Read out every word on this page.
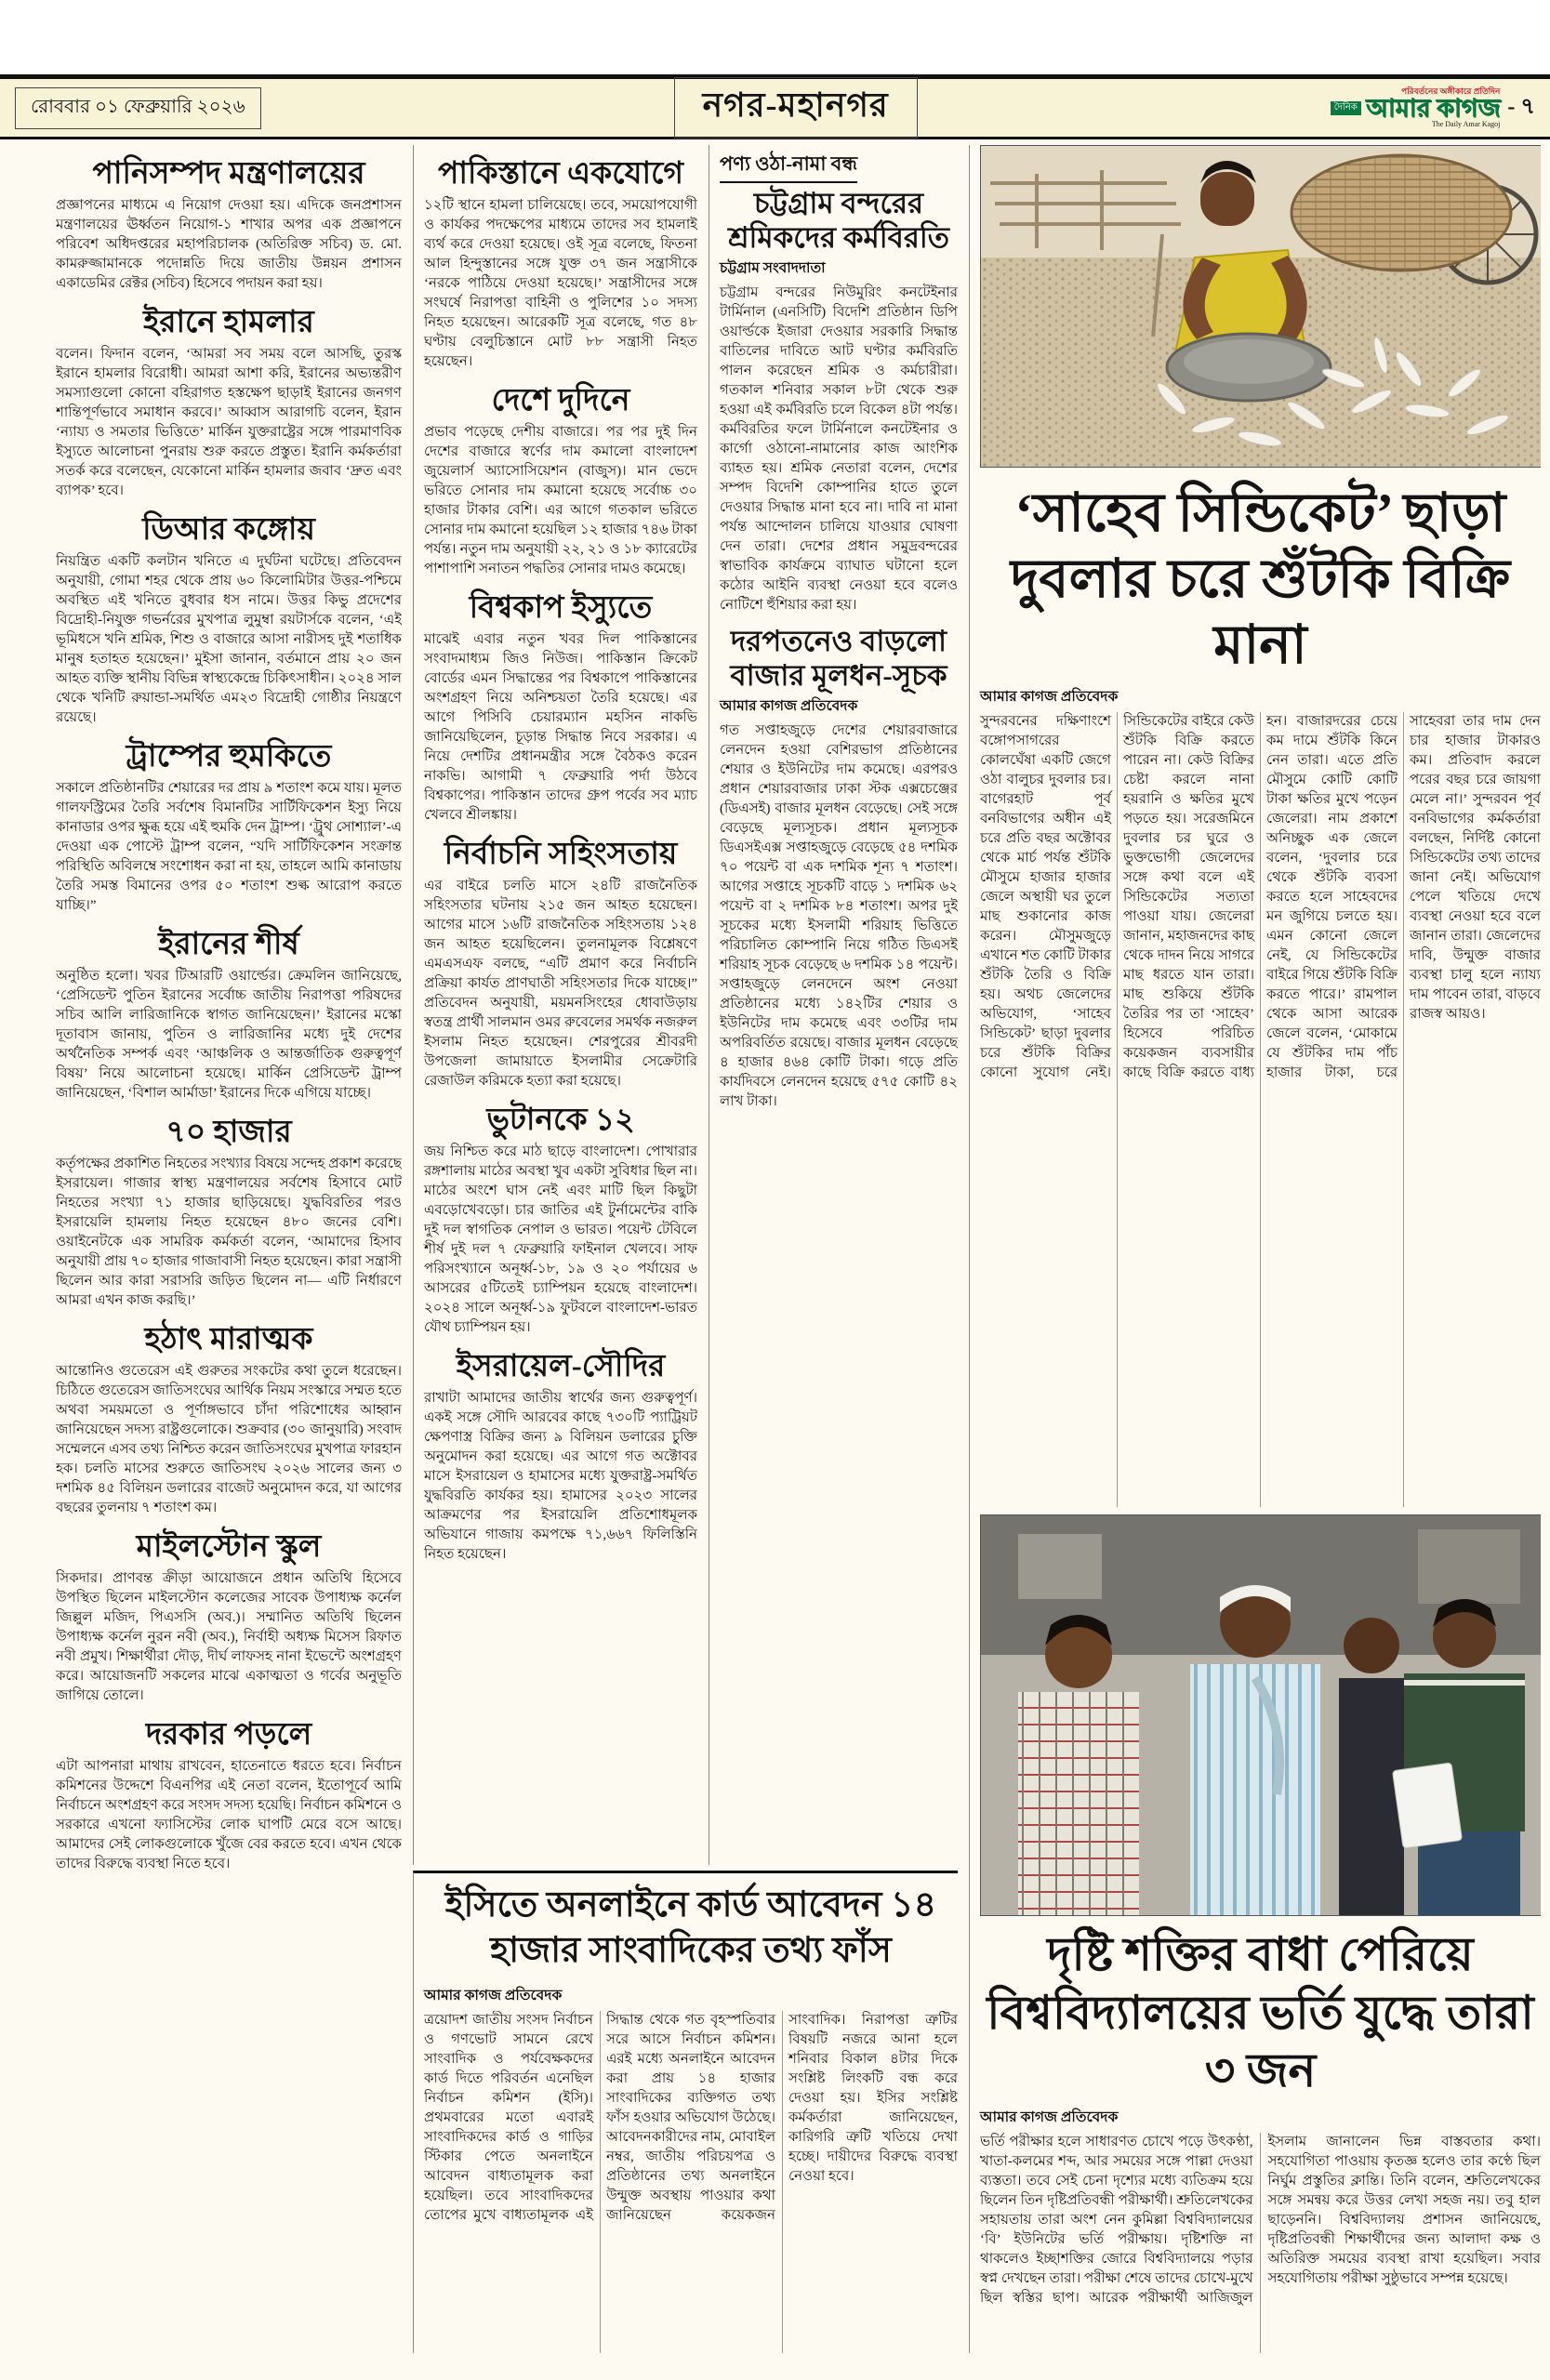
রোববার ০১ ফেব্রুয়ারি ২০২৬	নগর-মহানগর	পরিবর্তনের অঙ্গীকারে প্রতিদিন
দৈনিক আমার কাগজ
The Daily Amar Kagoj
- ৭
পানিসম্পদ মন্ত্রণালয়ের

প্রজ্ঞাপনের মাধ্যমে এ নিয়োগ দেওয়া হয়। এদিকে জনপ্রশাসন মন্ত্রণালয়ের ঊর্ধ্বতন নিয়োগ-১ শাখার অপর এক প্রজ্ঞাপনে পরিবেশ অধিদপ্তরের মহাপরিচালক (অতিরিক্ত সচিব) ড. মো. কামরুজ্জামানকে পদোন্নতি দিয়ে জাতীয় উন্নয়ন প্রশাসন একাডেমির রেক্টর (সচিব) হিসেবে পদায়ন করা হয়।

ইরানে হামলার

বলেন। ফিদান বলেন, ‘আমরা সব সময় বলে আসছি, তুরস্ক ইরানে হামলার বিরোধী। আমরা আশা করি, ইরানের অভ্যন্তরীণ সমস্যাগুলো কোনো বহিরাগত হস্তক্ষেপ ছাড়াই ইরানের জনগণ শান্তিপূর্ণভাবে সমাধান করবে।’ আব্বাস আরাগচি বলেন, ইরান ‘ন্যায্য ও সমতার ভিত্তিতে’ মার্কিন যুক্তরাষ্ট্রের সঙ্গে পারমাণবিক ইস্যুতে আলোচনা পুনরায় শুরু করতে প্রস্তুত। ইরানি কর্মকর্তারা সতর্ক করে বলেছেন, যেকোনো মার্কিন হামলার জবাব ‘দ্রুত এবং ব্যাপক’ হবে।

ডিআর কঙ্গোয়

নিয়ন্ত্রিত একটি কলটান খনিতে এ দুর্ঘটনা ঘটেছে। প্রতিবেদন অনুযায়ী, গোমা শহর থেকে প্রায় ৬০ কিলোমিটার উত্তর-পশ্চিমে অবস্থিত এই খনিতে বুধবার ধস নামে। উত্তর কিভু প্রদেশের বিদ্রোহী-নিযুক্ত গভর্নরের মুখপাত্র লুমুম্বা রয়টার্সকে বলেন, ‘এই ভূমিধসে খনি শ্রমিক, শিশু ও বাজারে আসা নারীসহ দুই শতাধিক মানুষ হতাহত হয়েছেন।’ মুইসা জানান, বর্তমানে প্রায় ২০ জন আহত ব্যক্তি স্থানীয় বিভিন্ন স্বাস্থ্যকেন্দ্রে চিকিৎসাধীন। ২০২৪ সাল থেকে খনিটি রুয়ান্ডা-সমর্থিত এম২৩ বিদ্রোহী গোষ্ঠীর নিয়ন্ত্রণে রয়েছে।

ট্রাম্পের হুমকিতে

সকালে প্রতিষ্ঠানটির শেয়ারের দর প্রায় ৯ শতাংশ কমে যায়। মূলত গালফস্ট্রিমের তৈরি সর্বশেষ বিমানটির সার্টিফিকেশন ইস্যু নিয়ে কানাডার ওপর ক্ষুব্ধ হয়ে এই হুমকি দেন ট্রাম্প। ‘ট্রুথ সোশ্যাল’-এ দেওয়া এক পোস্টে ট্রাম্প বলেন, “যদি সার্টিফিকেশন সংক্রান্ত পরিস্থিতি অবিলম্বে সংশোধন করা না হয়, তাহলে আমি কানাডায় তৈরি সমস্ত বিমানের ওপর ৫০ শতাংশ শুল্ক আরোপ করতে যাচ্ছি।”

ইরানের শীর্ষ

অনুষ্ঠিত হলো। খবর টিআরটি ওয়ার্ল্ডের। ক্রেমলিন জানিয়েছে, ‘প্রেসিডেন্ট পুতিন ইরানের সর্বোচ্চ জাতীয় নিরাপত্তা পরিষদের সচিব আলি লারিজানিকে স্বাগত জানিয়েছেন।’ ইরানের মস্কো দূতাবাস জানায়, পুতিন ও লারিজানির মধ্যে দুই দেশের অর্থনৈতিক সম্পর্ক এবং ‘আঞ্চলিক ও আন্তর্জাতিক গুরুত্বপূর্ণ বিষয়’ নিয়ে আলোচনা হয়েছে। মার্কিন প্রেসিডেন্ট ট্রাম্প জানিয়েছেন, ‘বিশাল আর্মাডা’ ইরানের দিকে এগিয়ে যাচ্ছে।

৭০ হাজার

কর্তৃপক্ষের প্রকাশিত নিহতের সংখ্যার বিষয়ে সন্দেহ প্রকাশ করেছে ইসরায়েল। গাজার স্বাস্থ্য মন্ত্রণালয়ের সর্বশেষ হিসাবে মোট নিহতের সংখ্যা ৭১ হাজার ছাড়িয়েছে। যুদ্ধবিরতির পরও ইসরায়েলি হামলায় নিহত হয়েছেন ৪৮০ জনের বেশি। ওয়াইনেটকে এক সামরিক কর্মকর্তা বলেন, ‘আমাদের হিসাব অনুযায়ী প্রায় ৭০ হাজার গাজাবাসী নিহত হয়েছেন। কারা সন্ত্রাসী ছিলেন আর কারা সরাসরি জড়িত ছিলেন না— এটি নির্ধারণে আমরা এখন কাজ করছি।’

হঠাৎ মারাত্মক

আন্তোনিও গুতেরেস এই গুরুতর সংকটের কথা তুলে ধরেছেন। চিঠিতে গুতেরেস জাতিসংঘের আর্থিক নিয়ম সংস্কারে সম্মত হতে অথবা সময়মতো ও পূর্ণাঙ্গভাবে চাঁদা পরিশোধের আহ্বান জানিয়েছেন সদস্য রাষ্ট্রগুলোকে। শুক্রবার (৩০ জানুয়ারি) সংবাদ সম্মেলনে এসব তথ্য নিশ্চিত করেন জাতিসংঘের মুখপাত্র ফারহান হক। চলতি মাসের শুরুতে জাতিসংঘ ২০২৬ সালের জন্য ৩ দশমিক ৪৫ বিলিয়ন ডলারের বাজেট অনুমোদন করে, যা আগের বছরের তুলনায় ৭ শতাংশ কম।

মাইলস্টোন স্কুল

সিকদার। প্রাণবন্ত ক্রীড়া আয়োজনে প্রধান অতিথি হিসেবে উপস্থিত ছিলেন মাইলস্টোন কলেজের সাবেক উপাধ্যক্ষ কর্নেল জিল্লুল মজিদ, পিএসসি (অব.)। সম্মানিত অতিথি ছিলেন উপাধ্যক্ষ কর্নেল নুরন নবী (অব.), নির্বাহী অধ্যক্ষ মিসেস রিফাত নবী প্রমুখ। শিক্ষার্থীরা দৌড়, দীর্ঘ লাফসহ নানা ইভেন্টে অংশগ্রহণ করে। আয়োজনটি সকলের মাঝে একাত্মতা ও গর্বের অনুভূতি জাগিয়ে তোলে।

দরকার পড়লে

এটা আপনারা মাথায় রাখবেন, হাতেনাতে ধরতে হবে। নির্বাচন কমিশনের উদ্দেশে বিএনপির এই নেতা বলেন, ইতোপূর্বে আমি নির্বাচনে অংশগ্রহণ করে সংসদ সদস্য হয়েছি। নির্বাচন কমিশনে ও সরকারে এখনো ফ্যাসিস্টের লোক ঘাপটি মেরে বসে আছে। আমাদের সেই লোকগুলোকে খুঁজে বের করতে হবে। এখন থেকে তাদের বিরুদ্ধে ব্যবস্থা নিতে হবে।

পাকিস্তানে একযোগে

১২টি স্থানে হামলা চালিয়েছে। তবে, সময়োপযোগী ও কার্যকর পদক্ষেপের মাধ্যমে তাদের সব হামলাই ব্যর্থ করে দেওয়া হয়েছে। ওই সূত্র বলেছে, ফিতনা আল হিন্দুস্তানের সঙ্গে যুক্ত ৩৭ জন সন্ত্রাসীকে ‘নরকে পাঠিয়ে দেওয়া হয়েছে।’ সন্ত্রাসীদের সঙ্গে সংঘর্ষে নিরাপত্তা বাহিনী ও পুলিশের ১০ সদস্য নিহত হয়েছেন। আরেকটি সূত্র বলেছে, গত ৪৮ ঘণ্টায় বেলুচিস্তানে মোট ৮৮ সন্ত্রাসী নিহত হয়েছেন।

দেশে দুদিনে

প্রভাব পড়েছে দেশীয় বাজারে। পর পর দুই দিন দেশের বাজারে স্বর্ণের দাম কমালো বাংলাদেশ জুয়েলার্স অ্যাসোসিয়েশন (বাজুস)। মান ভেদে ভরিতে সোনার দাম কমানো হয়েছে সর্বোচ্চ ৩০ হাজার টাকার বেশি। এর আগে গতকাল ভরিতে সোনার দাম কমানো হয়েছিল ১২ হাজার ৭৪৬ টাকা পর্যন্ত। নতুন দাম অনুযায়ী ২২, ২১ ও ১৮ ক্যারেটের পাশাপাশি সনাতন পদ্ধতির সোনার দামও কমেছে।

বিশ্বকাপ ইস্যুতে

মাঝেই এবার নতুন খবর দিল পাকিস্তানের সংবাদমাধ্যম জিও নিউজ। পাকিস্তান ক্রিকেট বোর্ডের এমন সিদ্ধান্তের পর বিশ্বকাপে পাকিস্তানের অংশগ্রহণ নিয়ে অনিশ্চয়তা তৈরি হয়েছে। এর আগে পিসিবি চেয়ারম্যান মহসিন নাকভি জানিয়েছিলেন, চূড়ান্ত সিদ্ধান্ত নিবে সরকার। এ নিয়ে দেশটির প্রধানমন্ত্রীর সঙ্গে বৈঠকও করেন নাকভি। আগামী ৭ ফেব্রুয়ারি পর্দা উঠবে বিশ্বকাপের। পাকিস্তান তাদের গ্রুপ পর্বের সব ম্যাচ খেলবে শ্রীলঙ্কায়।

নির্বাচনি সহিংসতায়

এর বাইরে চলতি মাসে ২৪টি রাজনৈতিক সহিংসতার ঘটনায় ২১৫ জন আহত হয়েছেন। আগের মাসে ১৬টি রাজনৈতিক সহিংসতায় ১২৪ জন আহত হয়েছিলেন। তুলনামূলক বিশ্লেষণে এমএসএফ বলছে, “এটি প্রমাণ করে নির্বাচনি প্রক্রিয়া কার্যত প্রাণঘাতী সহিংসতার দিকে যাচ্ছে।” প্রতিবেদন অনুযায়ী, ময়মনসিংহের ধোবাউড়ায় স্বতন্ত্র প্রার্থী সালমান ওমর রুবেলের সমর্থক নজরুল ইসলাম নিহত হয়েছেন। শেরপুরের শ্রীবরদী উপজেলা জামায়াতে ইসলামীর সেক্রেটারি রেজাউল করিমকে হত্যা করা হয়েছে।

ভুটানকে ১২

জয় নিশ্চিত করে মাঠ ছাড়ে বাংলাদেশ। পোখারার রঙ্গশালায় মাঠের অবস্থা খুব একটা সুবিধার ছিল না। মাঠের অংশে ঘাস নেই এবং মাটি ছিল কিছুটা এবড়োখেবড়ো। চার জাতির এই টুর্নামেন্টের বাকি দুই দল স্বাগতিক নেপাল ও ভারত। পয়েন্ট টেবিলে শীর্ষ দুই দল ৭ ফেব্রুয়ারি ফাইনাল খেলবে। সাফ পরিসংখ্যানে অনূর্ধ্ব-১৮, ১৯ ও ২০ পর্যায়ের ৬ আসরের ৫টিতেই চ্যাম্পিয়ন হয়েছে বাংলাদেশ। ২০২৪ সালে অনূর্ধ্ব-১৯ ফুটবলে বাংলাদেশ-ভারত যৌথ চ্যাম্পিয়ন হয়।

ইসরায়েল-সৌদির

রাখাটা আমাদের জাতীয় স্বার্থের জন্য গুরুত্বপূর্ণ। একই সঙ্গে সৌদি আরবের কাছে ৭৩০টি প্যাট্রিয়ট ক্ষেপণাস্ত্র বিক্রির জন্য ৯ বিলিয়ন ডলারের চুক্তি অনুমোদন করা হয়েছে। এর আগে গত অক্টোবর মাসে ইসরায়েল ও হামাসের মধ্যে যুক্তরাষ্ট্র-সমর্থিত যুদ্ধবিরতি কার্যকর হয়। হামাসের ২০২৩ সালের আক্রমণের পর ইসরায়েলি প্রতিশোধমূলক অভিযানে গাজায় কমপক্ষে ৭১,৬৬৭ ফিলিস্তিনি নিহত হয়েছেন।

পণ্য ওঠা-নামা বন্ধ
চট্টগ্রাম বন্দরের শ্রমিকদের কর্মবিরতি
চট্টগ্রাম সংবাদদাতা

চট্টগ্রাম বন্দরের নিউমুরিং কনটেইনার টার্মিনাল (এনসিটি) বিদেশি প্রতিষ্ঠান ডিপি ওয়ার্ল্ডকে ইজারা দেওয়ার সরকারি সিদ্ধান্ত বাতিলের দাবিতে আট ঘণ্টার কর্মবিরতি পালন করেছেন শ্রমিক ও কর্মচারীরা। গতকাল শনিবার সকাল ৮টা থেকে শুরু হওয়া এই কর্মবিরতি চলে বিকেল ৪টা পর্যন্ত। কর্মবিরতির ফলে টার্মিনালে কনটেইনার ও কার্গো ওঠানো-নামানোর কাজ আংশিক ব্যাহত হয়। শ্রমিক নেতারা বলেন, দেশের সম্পদ বিদেশি কোম্পানির হাতে তুলে দেওয়ার সিদ্ধান্ত মানা হবে না। দাবি না মানা পর্যন্ত আন্দোলন চালিয়ে যাওয়ার ঘোষণা দেন তারা। দেশের প্রধান সমুদ্রবন্দরের স্বাভাবিক কার্যক্রমে ব্যাঘাত ঘটানো হলে কঠোর আইনি ব্যবস্থা নেওয়া হবে বলেও নোটিশে হুঁশিয়ার করা হয়।

দরপতনেও বাড়লো বাজার মূলধন-সূচক
আমার কাগজ প্রতিবেদক

গত সপ্তাহজুড়ে দেশের শেয়ারবাজারে লেনদেন হওয়া বেশিরভাগ প্রতিষ্ঠানের শেয়ার ও ইউনিটের দাম কমেছে। এরপরও প্রধান শেয়ারবাজার ঢাকা স্টক এক্সচেঞ্জের (ডিএসই) বাজার মূলধন বেড়েছে। সেই সঙ্গে বেড়েছে মূল্যসূচক। প্রধান মূল্যসূচক ডিএসইএক্স সপ্তাহজুড়ে বেড়েছে ৫৪ দশমিক ৭০ পয়েন্ট বা এক দশমিক শূন্য ৭ শতাংশ। আগের সপ্তাহে সূচকটি বাড়ে ১ দশমিক ৬২ পয়েন্ট বা ২ দশমিক ৮৪ শতাংশ। অপর দুই সূচকের মধ্যে ইসলামী শরিয়াহ ভিত্তিতে পরিচালিত কোম্পানি নিয়ে গঠিত ডিএসই শরিয়াহ সূচক বেড়েছে ৬ দশমিক ১৪ পয়েন্ট। সপ্তাহজুড়ে লেনদেনে অংশ নেওয়া প্রতিষ্ঠানের মধ্যে ১৪২টির শেয়ার ও ইউনিটের দাম কমেছে এবং ৩৩টির দাম অপরিবর্তিত রয়েছে। বাজার মূলধন বেড়েছে ৪ হাজার ৪৬৪ কোটি টাকা। গড়ে প্রতি কার্যদিবসে লেনদেন হয়েছে ৫৭৫ কোটি ৪২ লাখ টাকা।

‘সাহেব সিন্ডিকেট’ ছাড়া দুবলার চরে শুঁটকি বিক্রি মানা
আমার কাগজ প্রতিবেদক
সুন্দরবনের দক্ষিণাংশে বঙ্গোপসাগরের কোলঘেঁষা একটি জেগে ওঠা বালুচর দুবলার চর। বাগেরহাট পূর্ব বনবিভাগের অধীন এই চরে প্রতি বছর অক্টোবর থেকে মার্চ পর্যন্ত শুঁটকি মৌসুমে হাজার হাজার জেলে অস্থায়ী ঘর তুলে মাছ শুকানোর কাজ করেন। মৌসুমজুড়ে এখানে শত কোটি টাকার শুঁটকি তৈরি ও বিক্রি হয়। অথচ জেলেদের অভিযোগ, ‘সাহেব সিন্ডিকেট’ ছাড়া দুবলার চরে শুঁটকি বিক্রির কোনো সুযোগ নেই। সিন্ডিকেটের বাইরে কেউ শুঁটকি বিক্রি করতে পারেন না। কেউ বিক্রির চেষ্টা করলে নানা হয়রানি ও ক্ষতির মুখে পড়তে হয়। সরেজমিনে দুবলার চর ঘুরে ও ভুক্তভোগী জেলেদের সঙ্গে কথা বলে এই সিন্ডিকেটের সত্যতা পাওয়া যায়। জেলেরা জানান, মহাজনদের কাছ থেকে দাদন নিয়ে সাগরে মাছ ধরতে যান তারা। মাছ শুকিয়ে শুঁটকি তৈরির পর তা ‘সাহেব’ হিসেবে পরিচিত কয়েকজন ব্যবসায়ীর কাছে বিক্রি করতে বাধ্য হন। বাজারদরের চেয়ে কম দামে শুঁটকি কিনে নেন তারা। এতে প্রতি মৌসুমে কোটি কোটি টাকা ক্ষতির মুখে পড়েন জেলেরা। নাম প্রকাশে অনিচ্ছুক এক জেলে বলেন, ‘দুবলার চরে থেকে শুঁটকি ব্যবসা করতে হলে সাহেবদের মন জুগিয়ে চলতে হয়। এমন কোনো জেলে নেই, যে সিন্ডিকেটের বাইরে গিয়ে শুঁটকি বিক্রি করতে পারে।’ রামপাল থেকে আসা আরেক জেলে বলেন, ‘মোকামে যে শুঁটকির দাম পাঁচ হাজার টাকা, চরে সাহেবরা তার দাম দেন চার হাজার টাকারও কম। প্রতিবাদ করলে পরের বছর চরে জায়গা মেলে না।’ সুন্দরবন পূর্ব বনবিভাগের কর্মকর্তারা বলছেন, নির্দিষ্ট কোনো সিন্ডিকেটের তথ্য তাদের জানা নেই। অভিযোগ পেলে খতিয়ে দেখে ব্যবস্থা নেওয়া হবে বলে জানান তারা। জেলেদের দাবি, উন্মুক্ত বাজার ব্যবস্থা চালু হলে ন্যায্য দাম পাবেন তারা, বাড়বে রাজস্ব আয়ও।
দৃষ্টি শক্তির বাধা পেরিয়ে বিশ্ববিদ্যালয়ের ভর্তি যুদ্ধে তারা ৩ জন
আমার কাগজ প্রতিবেদক
ভর্তি পরীক্ষার হলে সাধারণত চোখে পড়ে উৎকণ্ঠা, খাতা-কলমের শব্দ, আর সময়ের সঙ্গে পাল্লা দেওয়া ব্যস্ততা। তবে সেই চেনা দৃশ্যের মধ্যে ব্যতিক্রম হয়ে ছিলেন তিন দৃষ্টিপ্রতিবন্ধী পরীক্ষার্থী। শ্রুতিলেখকের সহায়তায় তারা অংশ নেন কুমিল্লা বিশ্ববিদ্যালয়ের ‘বি’ ইউনিটের ভর্তি পরীক্ষায়। দৃষ্টিশক্তি না থাকলেও ইচ্ছাশক্তির জোরে বিশ্ববিদ্যালয়ে পড়ার স্বপ্ন দেখছেন তারা। পরীক্ষা শেষে তাদের চোখে-মুখে ছিল স্বস্তির ছাপ। আরেক পরীক্ষার্থী আজিজুল ইসলাম জানালেন ভিন্ন বাস্তবতার কথা। সহযোগিতা পাওয়ায় কৃতজ্ঞ হলেও তার কণ্ঠে ছিল নির্ঘুম প্রস্তুতির ক্লান্তি। তিনি বলেন, শ্রুতিলেখকের সঙ্গে সমন্বয় করে উত্তর লেখা সহজ নয়। তবু হাল ছাড়েননি। বিশ্ববিদ্যালয় প্রশাসন জানিয়েছে, দৃষ্টিপ্রতিবন্ধী শিক্ষার্থীদের জন্য আলাদা কক্ষ ও অতিরিক্ত সময়ের ব্যবস্থা রাখা হয়েছিল। সবার সহযোগিতায় পরীক্ষা সুষ্ঠুভাবে সম্পন্ন হয়েছে।
ইসিতে অনলাইনে কার্ড আবেদন ১৪ হাজার সাংবাদিকের তথ্য ফাঁস
আমার কাগজ প্রতিবেদক
ত্রয়োদশ জাতীয় সংসদ নির্বাচন ও গণভোট সামনে রেখে সাংবাদিক ও পর্যবেক্ষকদের কার্ড দিতে পরিবর্তন এনেছিল নির্বাচন কমিশন (ইসি)। প্রথমবারের মতো এবারই সাংবাদিকদের কার্ড ও গাড়ির স্টিকার পেতে অনলাইনে আবেদন বাধ্যতামূলক করা হয়েছিল। তবে সাংবাদিকদের তোপের মুখে বাধ্যতামূলক এই সিদ্ধান্ত থেকে গত বৃহস্পতিবার সরে আসে নির্বাচন কমিশন। এরই মধ্যে অনলাইনে আবেদন করা প্রায় ১৪ হাজার সাংবাদিকের ব্যক্তিগত তথ্য ফাঁস হওয়ার অভিযোগ উঠেছে। আবেদনকারীদের নাম, মোবাইল নম্বর, জাতীয় পরিচয়পত্র ও প্রতিষ্ঠানের তথ্য অনলাইনে উন্মুক্ত অবস্থায় পাওয়ার কথা জানিয়েছেন কয়েকজন সাংবাদিক। নিরাপত্তা ত্রুটির বিষয়টি নজরে আনা হলে শনিবার বিকাল ৪টার দিকে সংশ্লিষ্ট লিংকটি বন্ধ করে দেওয়া হয়। ইসির সংশ্লিষ্ট কর্মকর্তারা জানিয়েছেন, কারিগরি ত্রুটি খতিয়ে দেখা হচ্ছে। দায়ীদের বিরুদ্ধে ব্যবস্থা নেওয়া হবে।
